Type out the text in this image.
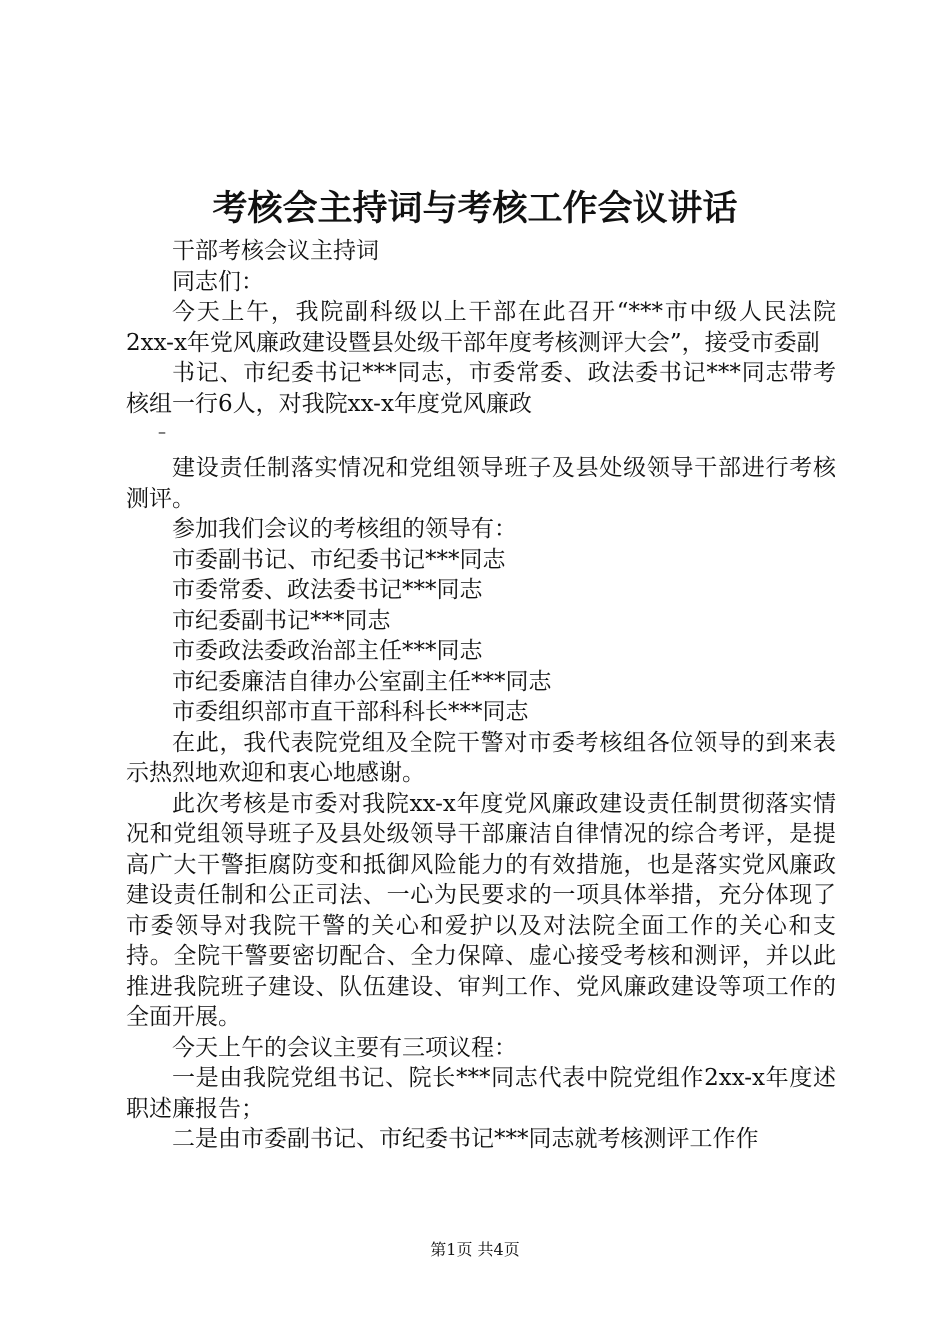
考核会主持词与考核工作会议讲话

干部考核会议主持词

同志们：

今天上午，我院副科级以上干部在此召开“***市中级人民法院2xx-x年党风廉政建设暨县处级干部年度考核测评大会”，接受市委副

书记、市纪委书记***同志，市委常委、政法委书记***同志带考核组一行6人，对我院xx-x年度党风廉政

–

建设责任制落实情况和党组领导班子及县处级领导干部进行考核测评。

参加我们会议的考核组的领导有：

市委副书记、市纪委书记***同志

市委常委、政法委书记***同志

市纪委副书记***同志

市委政法委政治部主任***同志

市纪委廉洁自律办公室副主任***同志

市委组织部市直干部科科长***同志

在此，我代表院党组及全院干警对市委考核组各位领导的到来表示热烈地欢迎和衷心地感谢。

此次考核是市委对我院xx-x年度党风廉政建设责任制贯彻落实情况和党组领导班子及县处级领导干部廉洁自律情况的综合考评，是提高广大干警拒腐防变和抵御风险能力的有效措施，也是落实党风廉政建设责任制和公正司法、一心为民要求的一项具体举措，充分体现了市委领导对我院干警的关心和爱护以及对法院全面工作的关心和支持。全院干警要密切配合、全力保障、虚心接受考核和测评，并以此推进我院班子建设、队伍建设、审判工作、党风廉政建设等项工作的全面开展。

今天上午的会议主要有三项议程：

一是由我院党组书记、院长***同志代表中院党组作2xx-x年度述职述廉报告；

二是由市委副书记、市纪委书记***同志就考核测评工作作

第1页 共4页
